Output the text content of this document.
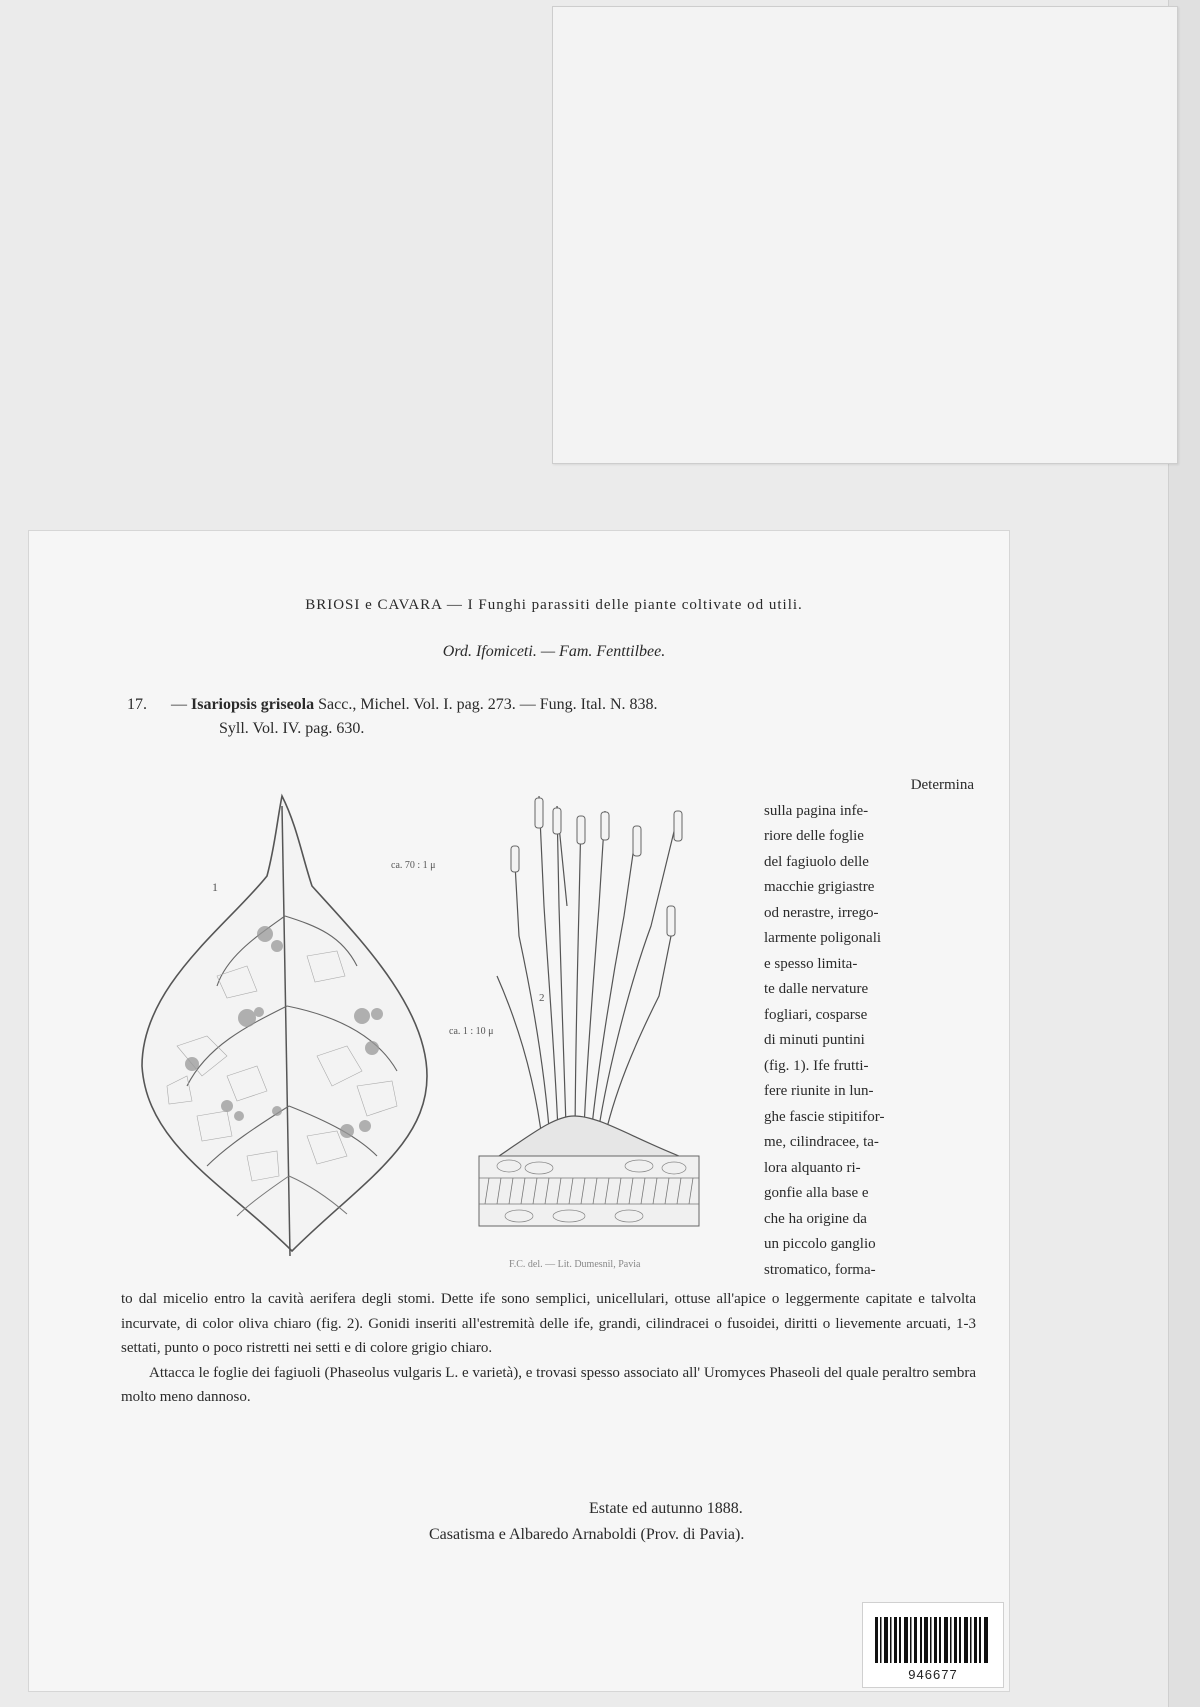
BRIOSI e CAVARA — I Funghi parassiti delle piante coltivate od utili.
Ord. Ifomiceti. — Fam. Fenttilbee.
17. — Isariopsis griseola Sacc., Michel. Vol. I. pag. 273. — Fung. Ital. N. 838.
Syll. Vol. IV. pag. 630.
1
ca. 70 : 1 μ
ca. 1 : 10 μ
2
F.C. del. — Lit. Dumesnil, Pavia
Determina
sulla pagina infe-
riore delle foglie
del fagiuolo delle
macchie grigiastre
od nerastre, irrego-
larmente poligonali
e spesso limita-
te dalle nervature
fogliari, cosparse
di minuti puntini
(fig. 1). Ife frutti-
fere riunite in lun-
ghe fascie stipitifor-
me, cilindracee, ta-
lora alquanto ri-
gonfie alla base e
che ha origine da
un piccolo ganglio
stromatico, forma-
to dal micelio entro la cavità aerifera degli stomi. Dette ife sono semplici, unicellulari, ottuse all'apice o leggermente capitate e talvolta incurvate, di color oliva chiaro (fig. 2). Gonidi inseriti all'estremità delle ife, grandi, cilindracei o fusoidei, diritti o lievemente arcuati, 1-3 settati, punto o poco ristretti nei setti e di colore grigio chiaro.
Attacca le foglie dei fagiuoli (Phaseolus vulgaris L. e varietà), e trovasi spesso associato all' Uromyces Phaseoli del quale peraltro sembra molto meno dannoso.
Estate ed autunno 1888.
Casatisma e Albaredo Arnaboldi (Prov. di Pavia).
946677
